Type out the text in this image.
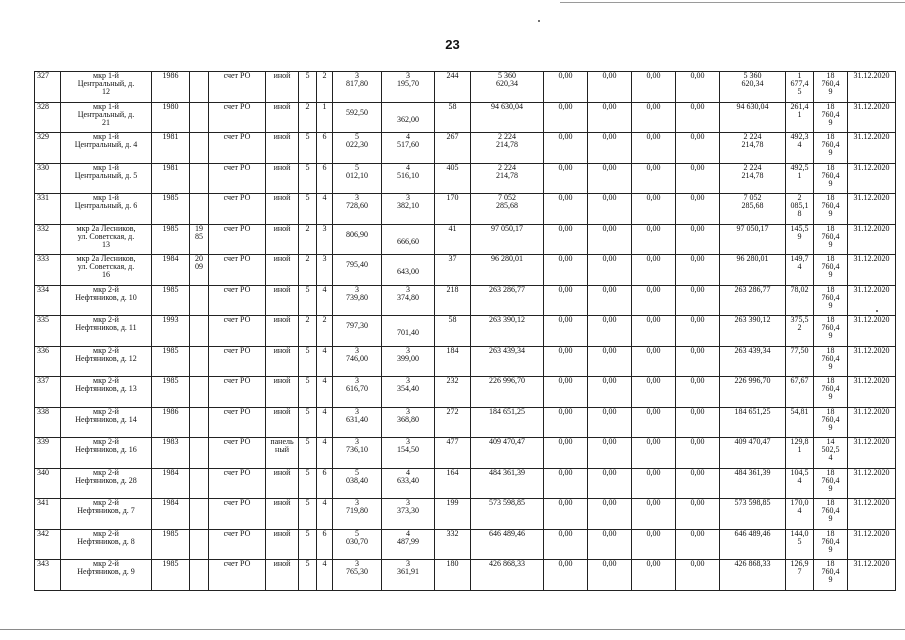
23
327	мкр 1-й
Центральный, д.
12	1986		счет РО	иной	5	2	3
817,80	3
195,70	244	5 360
620,34	0,00	0,00	0,00	0,00	5 360
620,34	1
677,4
5	18
760,4
9	31.12.2020
328	мкр 1-й
Центральный, д.
21	1980		счет РО	иной	2	1	592,50	362,00	58	94 630,04	0,00	0,00	0,00	0,00	94 630,04	261,4
1	18
760,4
9	31.12.2020
329	мкр 1-й
Центральный, д. 4	1981		счет РО	иной	5	6	5
022,30	4
517,60	267	2 224
214,78	0,00	0,00	0,00	0,00	2 224
214,78	492,3
4	18
760,4
9	31.12.2020
330	мкр 1-й
Центральный, д. 5	1981		счет РО	иной	5	6	5
012,10	4
516,10	405	2 224
214,78	0,00	0,00	0,00	0,00	2 224
214,78	492,5
1	18
760,4
9	31.12.2020
331	мкр 1-й
Центральный, д. 6	1985		счет РО	иной	5	4	3
728,60	3
382,10	170	7 052
285,68	0,00	0,00	0,00	0,00	7 052
285,68	2
085,1
8	18
760,4
9	31.12.2020
332	мкр 2а Лесников,
ул. Советская, д.
13	1985	19
85	счет РО	иной	2	3	806,90	666,60	41	97 050,17	0,00	0,00	0,00	0,00	97 050,17	145,5
9	18
760,4
9	31.12.2020
333	мкр 2а Лесников,
ул. Советская, д.
16	1984	20
09	счет РО	иной	2	3	795,40	643,00	37	96 280,01	0,00	0,00	0,00	0,00	96 280,01	149,7
4	18
760,4
9	31.12.2020
334	мкр 2-й
Нефтяников, д. 10	1985		счет РО	иной	5	4	3
739,80	3
374,80	218	263 286,77	0,00	0,00	0,00	0,00	263 286,77	78,02	18
760,4
9	31.12.2020
335	мкр 2-й
Нефтяников, д. 11	1993		счет РО	иной	2	2	797,30	701,40	58	263 390,12	0,00	0,00	0,00	0,00	263 390,12	375,5
2	18
760,4
9	31.12.2020
336	мкр 2-й
Нефтяников, д. 12	1985		счет РО	иной	5	4	3
746,00	3
399,00	184	263 439,34	0,00	0,00	0,00	0,00	263 439,34	77,50	18
760,4
9	31.12.2020
337	мкр 2-й
Нефтяников, д. 13	1985		счет РО	иной	5	4	3
616,70	3
354,40	232	226 996,70	0,00	0,00	0,00	0,00	226 996,70	67,67	18
760,4
9	31.12.2020
338	мкр 2-й
Нефтяников, д. 14	1986		счет РО	иной	5	4	3
631,40	3
368,80	272	184 651,25	0,00	0,00	0,00	0,00	184 651,25	54,81	18
760,4
9	31.12.2020
339	мкр 2-й
Нефтяников, д. 16	1983		счет РО	панель
ный	5	4	3
736,10	3
154,50	477	409 470,47	0,00	0,00	0,00	0,00	409 470,47	129,8
1	14
502,5
4	31.12.2020
340	мкр 2-й
Нефтяников, д. 28	1984		счет РО	иной	5	6	5
038,40	4
633,40	164	484 361,39	0,00	0,00	0,00	0,00	484 361,39	104,5
4	18
760,4
9	31.12.2020
341	мкр 2-й
Нефтяников, д. 7	1984		счет РО	иной	5	4	3
719,80	3
373,30	199	573 598,85	0,00	0,00	0,00	0,00	573 598,85	170,0
4	18
760,4
9	31.12.2020
342	мкр 2-й
Нефтяников, д. 8	1985		счет РО	иной	5	6	5
030,70	4
487,99	332	646 489,46	0,00	0,00	0,00	0,00	646 489,46	144,0
5	18
760,4
9	31.12.2020
343	мкр 2-й
Нефтяников, д. 9	1985		счет РО	иной	5	4	3
765,30	3
361,91	180	426 868,33	0,00	0,00	0,00	0,00	426 868,33	126,9
7	18
760,4
9	31.12.2020
